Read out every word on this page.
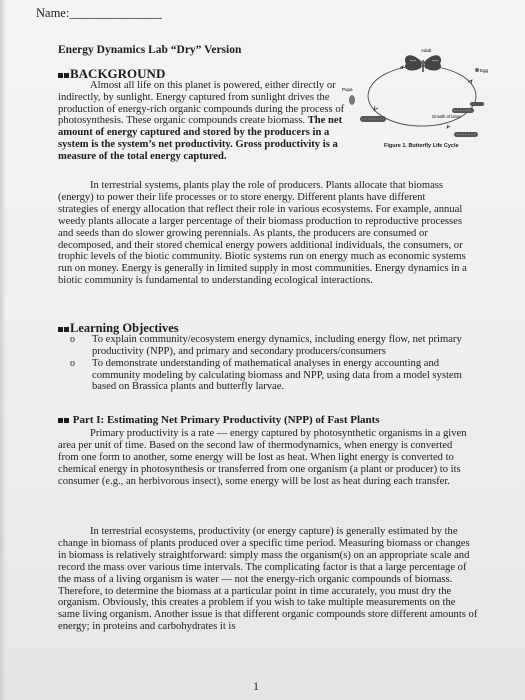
Name:________________
Energy Dynamics Lab “Dry” Version
BACKGROUND
Almost all life on this planet is powered, either directly or indirectly, by sunlight. Energy captured from sunlight drives the production of energy-rich organic compounds during the process of photosynthesis. These organic compounds create biomass. The net amount of energy captured and stored by the producers in a system is the system’s net productivity. Gross productivity is a measure of the total energy captured.
Adult
Egg
Pupa
Growth of larva
Figure 1. Butterfly Life Cycle
In terrestrial systems, plants play the role of producers. Plants allocate that biomass (energy) to power their life processes or to store energy. Different plants have different strategies of energy allocation that reflect their role in various ecosystems. For example, annual weedy plants allocate a larger percentage of their biomass production to reproductive processes and seeds than do slower growing perennials. As plants, the producers are consumed or decomposed, and their stored chemical energy powers additional individuals, the consumers, or trophic levels of the biotic community. Biotic systems run on energy much as economic systems run on money. Energy is generally in limited supply in most communities. Energy dynamics in a biotic community is fundamental to understanding ecological interactions.
Learning Objectives
o To explain community/ecosystem energy dynamics, including energy flow, net primary productivity (NPP), and primary and secondary producers/consumers
o To demonstrate understanding of mathematical analyses in energy accounting and community modeling by calculating biomass and NPP, using data from a model system based on Brassica plants and butterfly larvae.
Part I: Estimating Net Primary Productivity (NPP) of Fast Plants
Primary productivity is a rate — energy captured by photosynthetic organisms in a given area per unit of time. Based on the second law of thermodynamics, when energy is converted from one form to another, some energy will be lost as heat. When light energy is converted to chemical energy in photosynthesis or transferred from one organism (a plant or producer) to its consumer (e.g., an herbivorous insect), some energy will be lost as heat during each transfer.
In terrestrial ecosystems, productivity (or energy capture) is generally estimated by the change in biomass of plants produced over a specific time period. Measuring biomass or changes in biomass is relatively straightforward: simply mass the organism(s) on an appropriate scale and record the mass over various time intervals. The complicating factor is that a large percentage of the mass of a living organism is water — not the energy-rich organic compounds of biomass. Therefore, to determine the biomass at a particular point in time accurately, you must dry the organism. Obviously, this creates a problem if you wish to take multiple measurements on the same living organism. Another issue is that different organic compounds store different amounts of energy; in proteins and carbohydrates it is
1
